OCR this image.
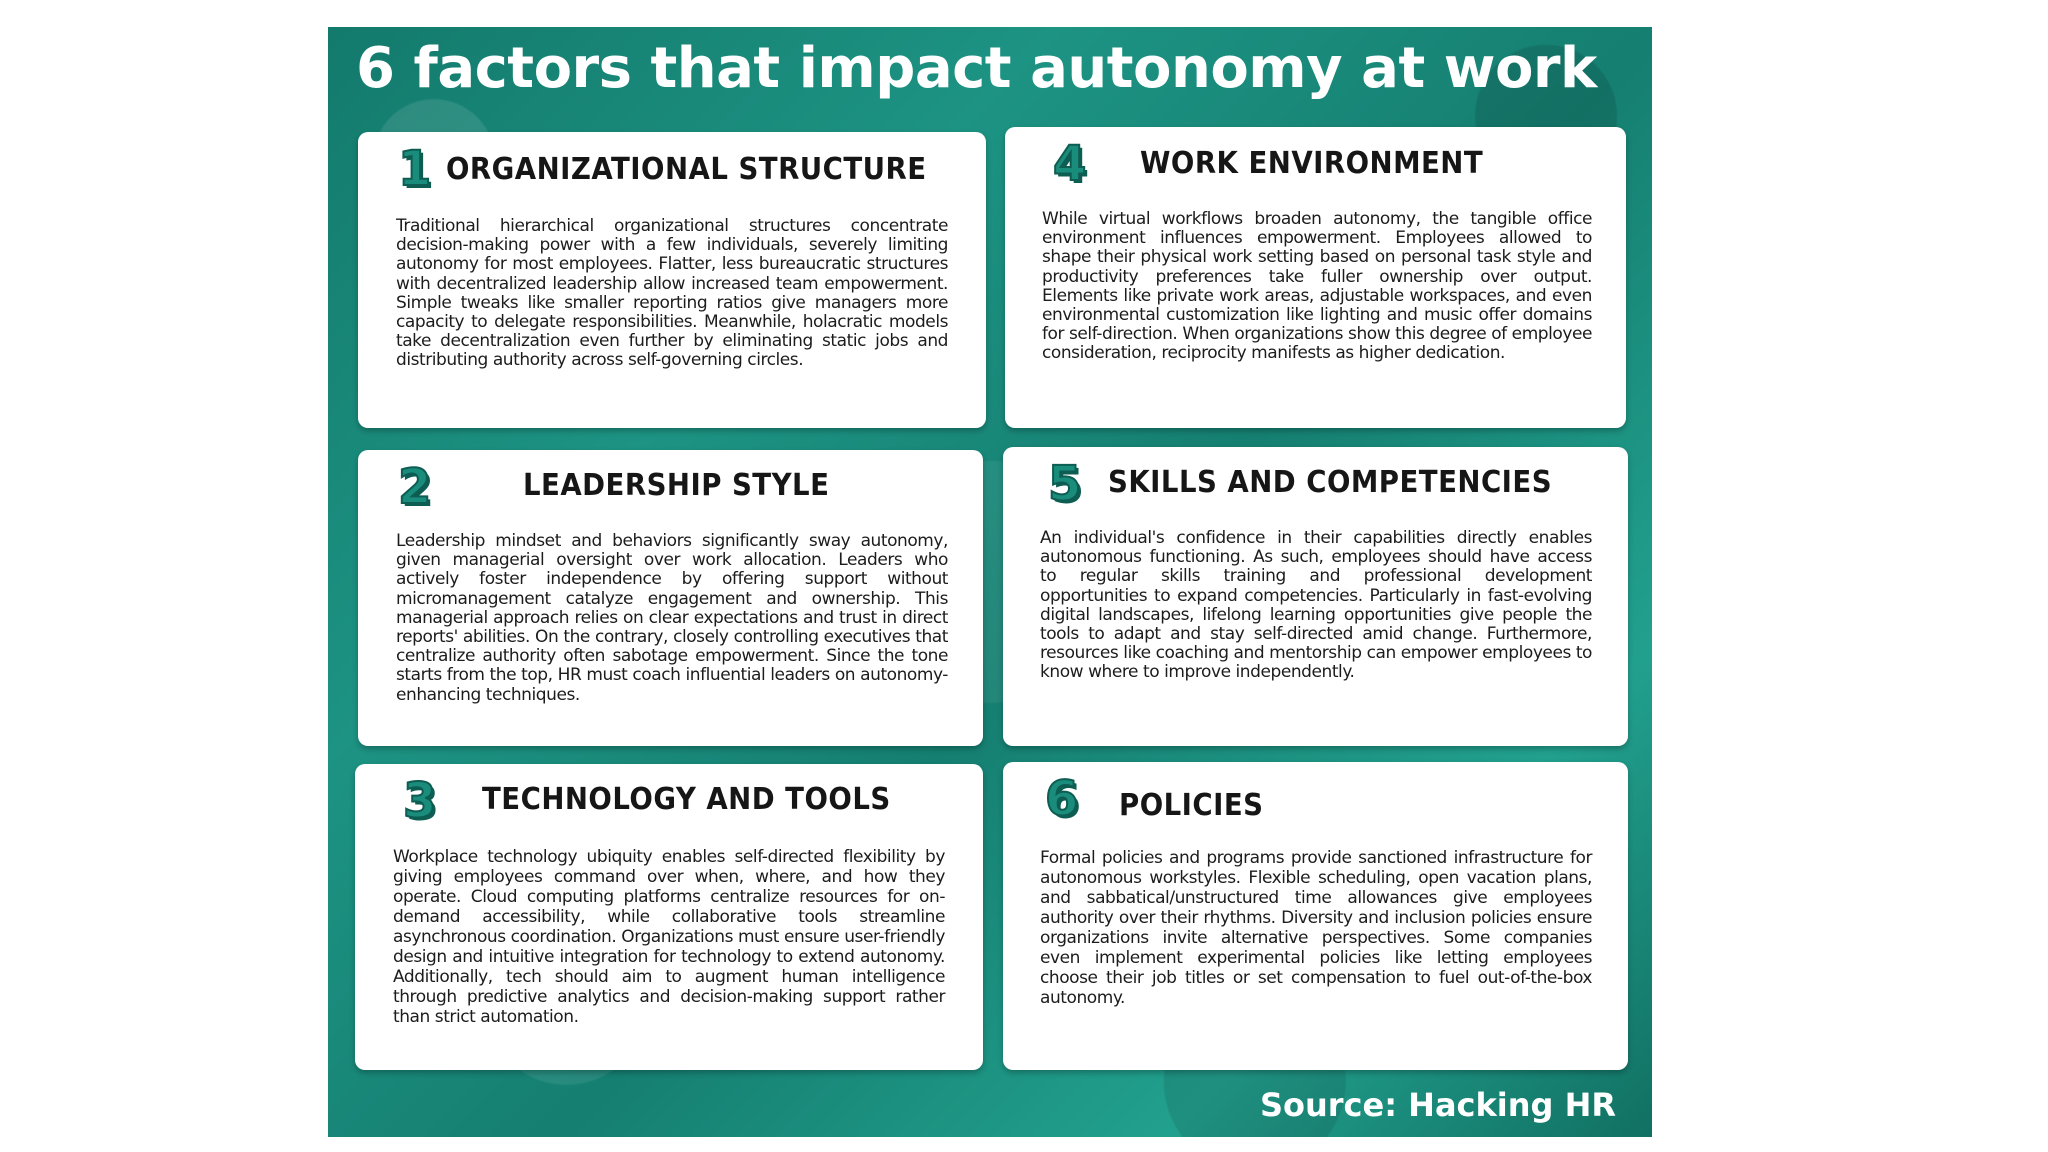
6 factors that impact autonomy at work
1 ORGANIZATIONAL STRUCTURE

Traditional hierarchical organizational structures concentrate decision-making power with a few individuals, severely limiting autonomy for most employees. Flatter, less bureaucratic structures with decentralized leadership allow increased team empowerment. Simple tweaks like smaller reporting ratios give managers more capacity to delegate responsibilities. Meanwhile, holacratic models take decentralization even further by eliminating static jobs and distributing authority across self-governing circles.

4 WORK ENVIRONMENT

While virtual workflows broaden autonomy, the tangible office environment influences empowerment. Employees allowed to shape their physical work setting based on personal task style and productivity preferences take fuller ownership over output. Elements like private work areas, adjustable workspaces, and even environmental customization like lighting and music offer domains for self-direction. When organizations show this degree of employee consideration, reciprocity manifests as higher dedication.

2	LEADERSHIP STYLE

Leadership mindset and behaviors significantly sway autonomy, given managerial oversight over work allocation. Leaders who actively foster independence by offering support without micromanagement catalyze engagement and ownership. This managerial approach relies on clear expectations and trust in direct reports' abilities. On the contrary, closely controlling executives that centralize authority often sabotage empowerment. Since the tone starts from the top, HR must coach influential leaders on autonomy-enhancing techniques.

5 SKILLS AND COMPETENCIES

An individual's confidence in their capabilities directly enables autonomous functioning. As such, employees should have access to regular skills training and professional development opportunities to expand competencies. Particularly in fast-evolving digital landscapes, lifelong learning opportunities give people the tools to adapt and stay self-directed amid change. Furthermore, resources like coaching and mentorship can empower employees to know where to improve independently.

3 TECHNOLOGY AND TOOLS

Workplace technology ubiquity enables self-directed flexibility by giving employees command over when, where, and how they operate. Cloud computing platforms centralize resources for on-demand accessibility, while collaborative tools streamline asynchronous coordination. Organizations must ensure user-friendly design and intuitive integration for technology to extend autonomy. Additionally, tech should aim to augment human intelligence through predictive analytics and decision-making support rather than strict automation.

6 POLICIES

Formal policies and programs provide sanctioned infrastructure for autonomous workstyles. Flexible scheduling, open vacation plans, and sabbatical/unstructured time allowances give employees authority over their rhythms. Diversity and inclusion policies ensure organizations invite alternative perspectives. Some companies even implement experimental policies like letting employees choose their job titles or set compensation to fuel out-of-the-box autonomy.

Source: Hacking HR
